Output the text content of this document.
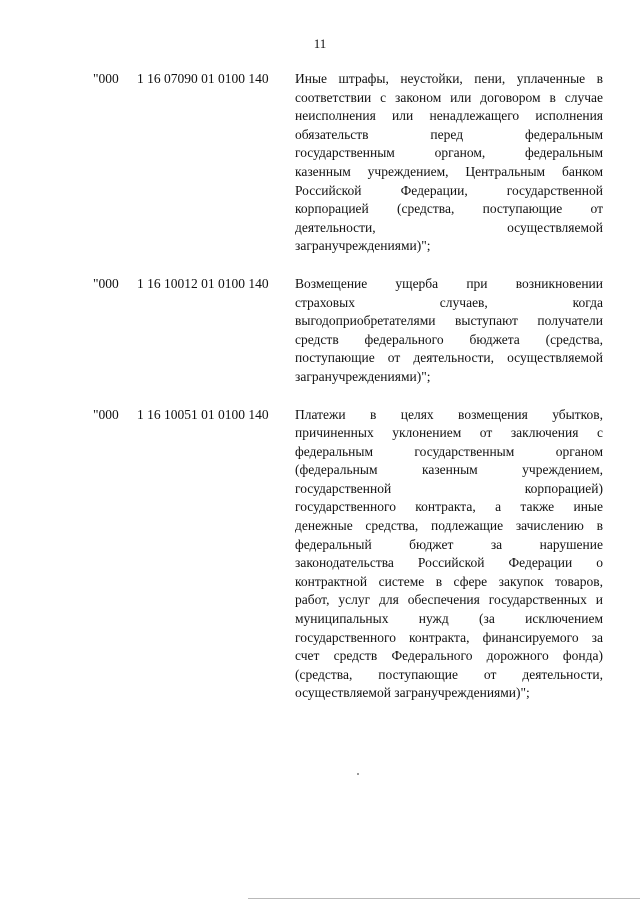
11
"000	1 16 07090 01 0100 140	Иные штрафы, неустойки, пени, уплаченные в
соответствии с законом или договором в случае
неисполнения или ненадлежащего исполнения
обязательств перед федеральным
государственным органом, федеральным
казенным учреждением, Центральным банком
Российской Федерации, государственной
корпорацией (средства, поступающие от
деятельности, осуществляемой
загранучреждениями)";
"000	1 16 10012 01 0100 140	Возмещение ущерба при возникновении
страховых случаев, когда
выгодоприобретателями выступают получатели
средств федерального бюджета (средства,
поступающие от деятельности, осуществляемой
загранучреждениями)";
"000	1 16 10051 01 0100 140	Платежи в целях возмещения убытков,
причиненных уклонением от заключения с
федеральным государственным органом
(федеральным казенным учреждением,
государственной корпорацией)
государственного контракта, а также иные
денежные средства, подлежащие зачислению в
федеральный бюджет за нарушение
законодательства Российской Федерации о
контрактной системе в сфере закупок товаров,
работ, услуг для обеспечения государственных и
муниципальных нужд (за исключением
государственного контракта, финансируемого за
счет средств Федерального дорожного фонда)
(средства, поступающие от деятельности,
осуществляемой загранучреждениями)";
